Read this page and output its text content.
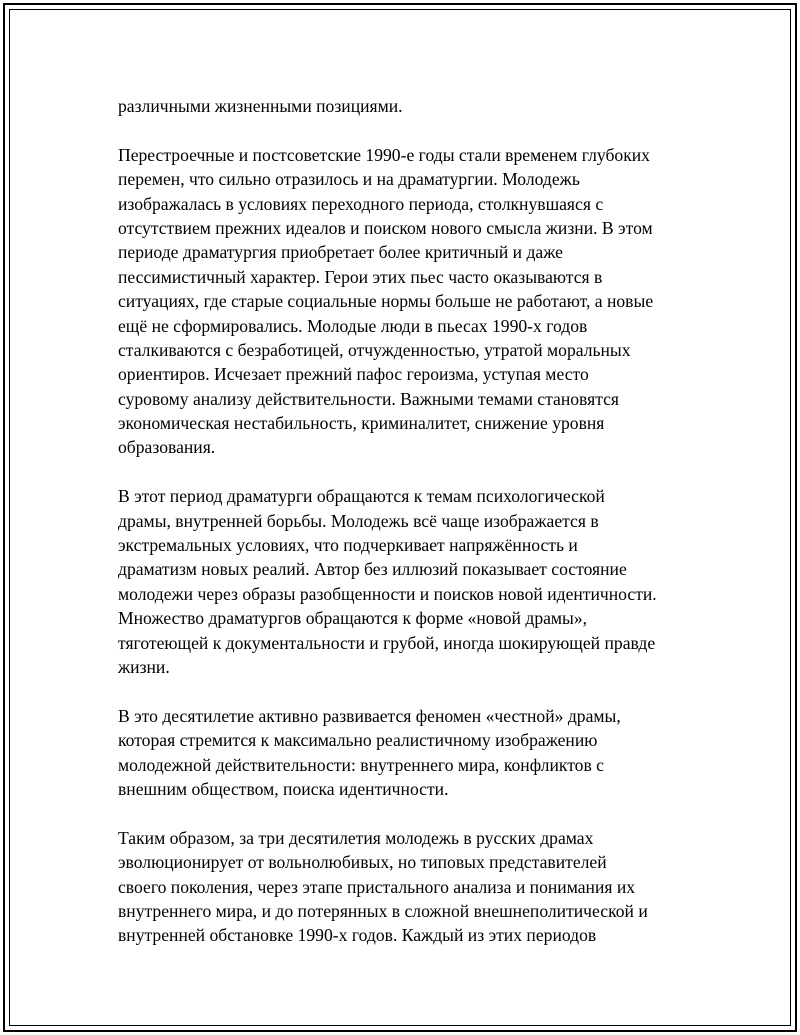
различными жизненными позициями.

Перестроечные и постсоветские 1990-е годы стали временем глубоких
перемен, что сильно отразилось и на драматургии. Молодежь
изображалась в условиях переходного периода, столкнувшаяся с
отсутствием прежних идеалов и поиском нового смысла жизни. В этом
периоде драматургия приобретает более критичный и даже
пессимистичный характер. Герои этих пьес часто оказываются в
ситуациях, где старые социальные нормы больше не работают, а новые
ещё не сформировались. Молодые люди в пьесах 1990-х годов
сталкиваются с безработицей, отчужденностью, утратой моральных
ориентиров. Исчезает прежний пафос героизма, уступая место
суровому анализу действительности. Важными темами становятся
экономическая нестабильность, криминалитет, снижение уровня
образования.

В этот период драматурги обращаются к темам психологической
драмы, внутренней борьбы. Молодежь всё чаще изображается в
экстремальных условиях, что подчеркивает напряжённость и
драматизм новых реалий. Автор без иллюзий показывает состояние
молодежи через образы разобщенности и поисков новой идентичности.
Множество драматургов обращаются к форме «новой драмы»,
тяготеющей к документальности и грубой, иногда шокирующей правде
жизни.

В это десятилетие активно развивается феномен «честной» драмы,
которая стремится к максимально реалистичному изображению
молодежной действительности: внутреннего мира, конфликтов с
внешним обществом, поиска идентичности.

Таким образом, за три десятилетия молодежь в русских драмах
эволюционирует от вольнолюбивых, но типовых представителей
своего поколения, через этапе пристального анализа и понимания их
внутреннего мира, и до потерянных в сложной внешнеполитической и
внутренней обстановке 1990-х годов. Каждый из этих периодов
